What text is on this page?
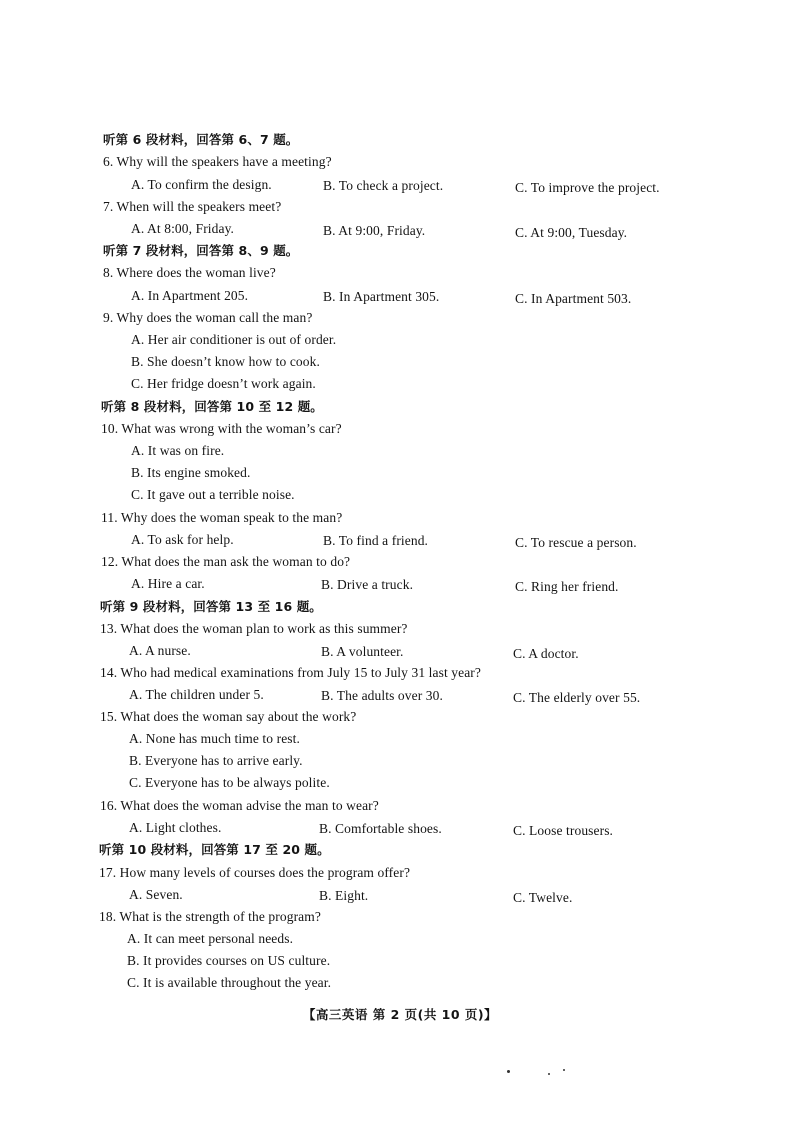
听第 6 段材料，回答第 6、7 题。
6. Why will the speakers have a meeting?
A. To confirm the design.	B. To check a project.	C. To improve the project.
7. When will the speakers meet?
A. At 8:00, Friday.	B. At 9:00, Friday.	C. At 9:00, Tuesday.
听第 7 段材料，回答第 8、9 题。
8. Where does the woman live?
A. In Apartment 205.	B. In Apartment 305.	C. In Apartment 503.
9. Why does the woman call the man?
A. Her air conditioner is out of order.
B. She doesn’t know how to cook.
C. Her fridge doesn’t work again.
听第 8 段材料，回答第 10 至 12 题。
10. What was wrong with the woman’s car?
A. It was on fire.
B. Its engine smoked.
C. It gave out a terrible noise.
11. Why does the woman speak to the man?
A. To ask for help.	B. To find a friend.	C. To rescue a person.
12. What does the man ask the woman to do?
A. Hire a car.	B. Drive a truck.	C. Ring her friend.
听第 9 段材料，回答第 13 至 16 题。
13. What does the woman plan to work as this summer?
A. A nurse.	B. A volunteer.	C. A doctor.
14. Who had medical examinations from July 15 to July 31 last year?
A. The children under 5.	B. The adults over 30.	C. The elderly over 55.
15. What does the woman say about the work?
A. None has much time to rest.
B. Everyone has to arrive early.
C. Everyone has to be always polite.
16. What does the woman advise the man to wear?
A. Light clothes.	B. Comfortable shoes.	C. Loose trousers.
听第 10 段材料，回答第 17 至 20 题。
17. How many levels of courses does the program offer?
A. Seven.	B. Eight.	C. Twelve.
18. What is the strength of the program?
A. It can meet personal needs.
B. It provides courses on US culture.
C. It is available throughout the year.
【高三英语 第 2 页(共 10 页)】
